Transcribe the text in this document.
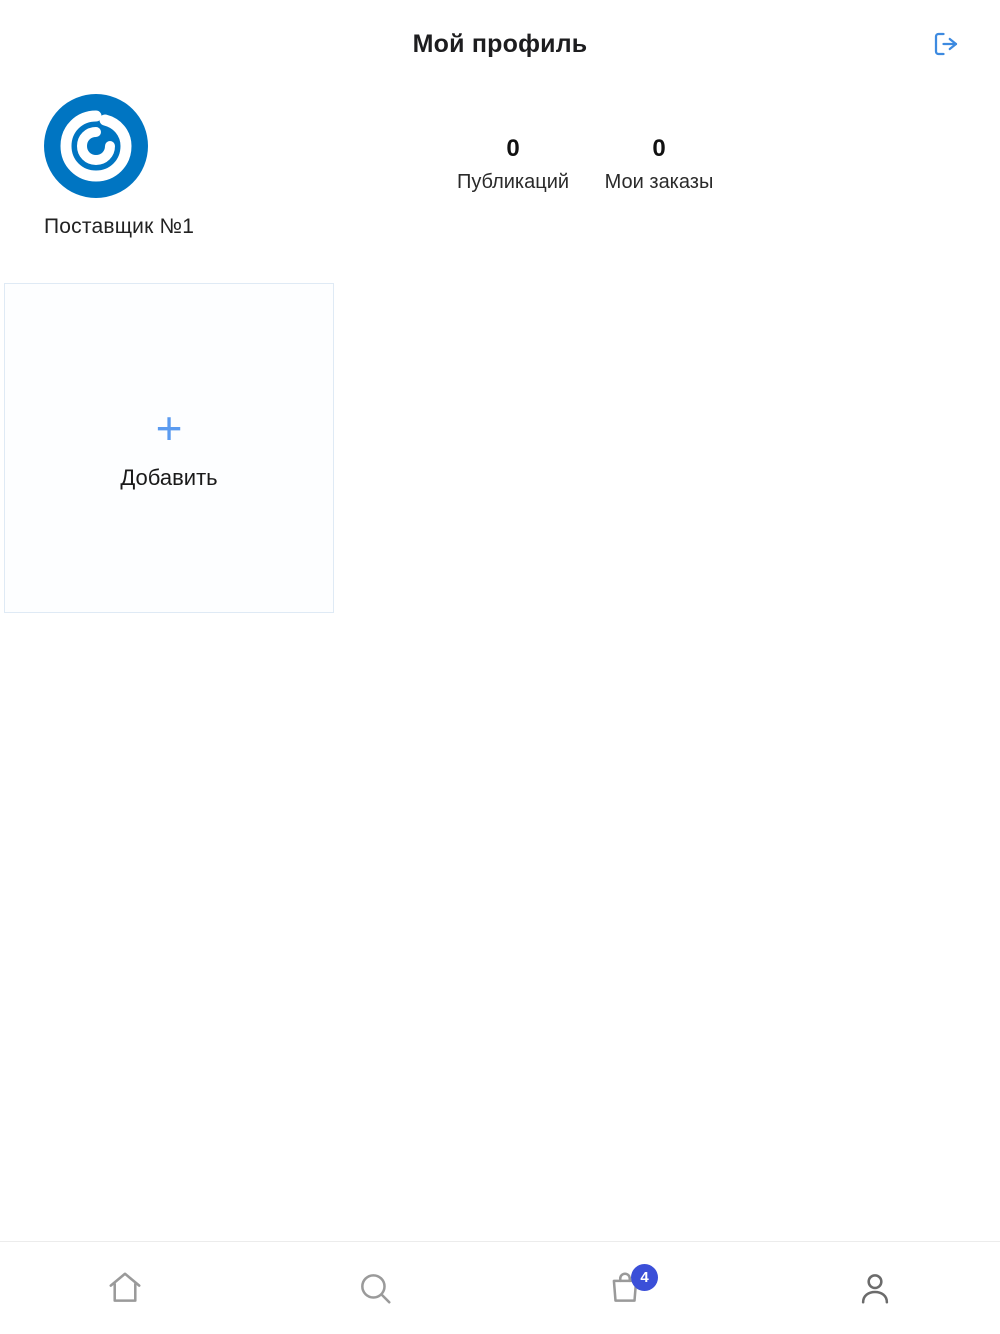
Мой профиль
Поставщик №1
0
Публикаций
0
Мои заказы
+
Добавить
4
